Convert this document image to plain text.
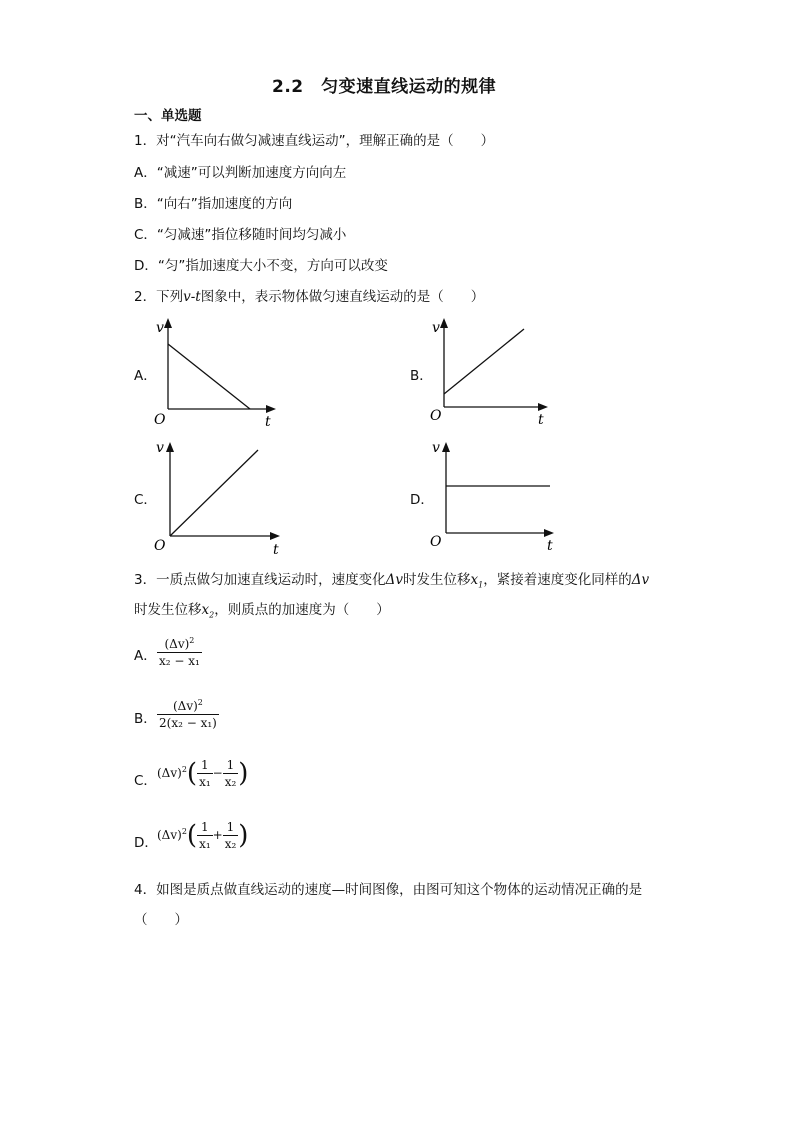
2.2　匀变速直线运动的规律
一、单选题
1．对“汽车向右做匀减速直线运动”，理解正确的是（　　）
A．“减速”可以判断加速度方向向左
B．“向右”指加速度的方向
C．“匀减速”指位移随时间均匀减小
D．“匀”指加速度大小不变，方向可以改变
2．下列v-t图象中，表示物体做匀速直线运动的是（　　）
A．
v
t
O
B．
v
t
O
C．
v
t
O
D．
v
t
O
3．一质点做匀加速直线运动时，速度变化Δv时发生位移$x_1$，紧接着速度变化同样的Δv
时发生位移$x_2$，则质点的加速度为（　　）
A． $\frac{(\Delta v)^2}{\text{x₂ − x₁}}$
B． $\frac{(\Delta v)^2}{\text{2(x₂ − x₁)}}$
C． $(\Delta v)^2( \frac{1}{\text{x₁}} - \frac{1}{\text{x₂}}$ )
D． $(\Delta v)^2( \frac{1}{\text{x₁}} + \frac{1}{\text{x₂}}$ )
4．如图是质点做直线运动的速度—时间图像，由图可知这个物体的运动情况正确的是
（　　）
